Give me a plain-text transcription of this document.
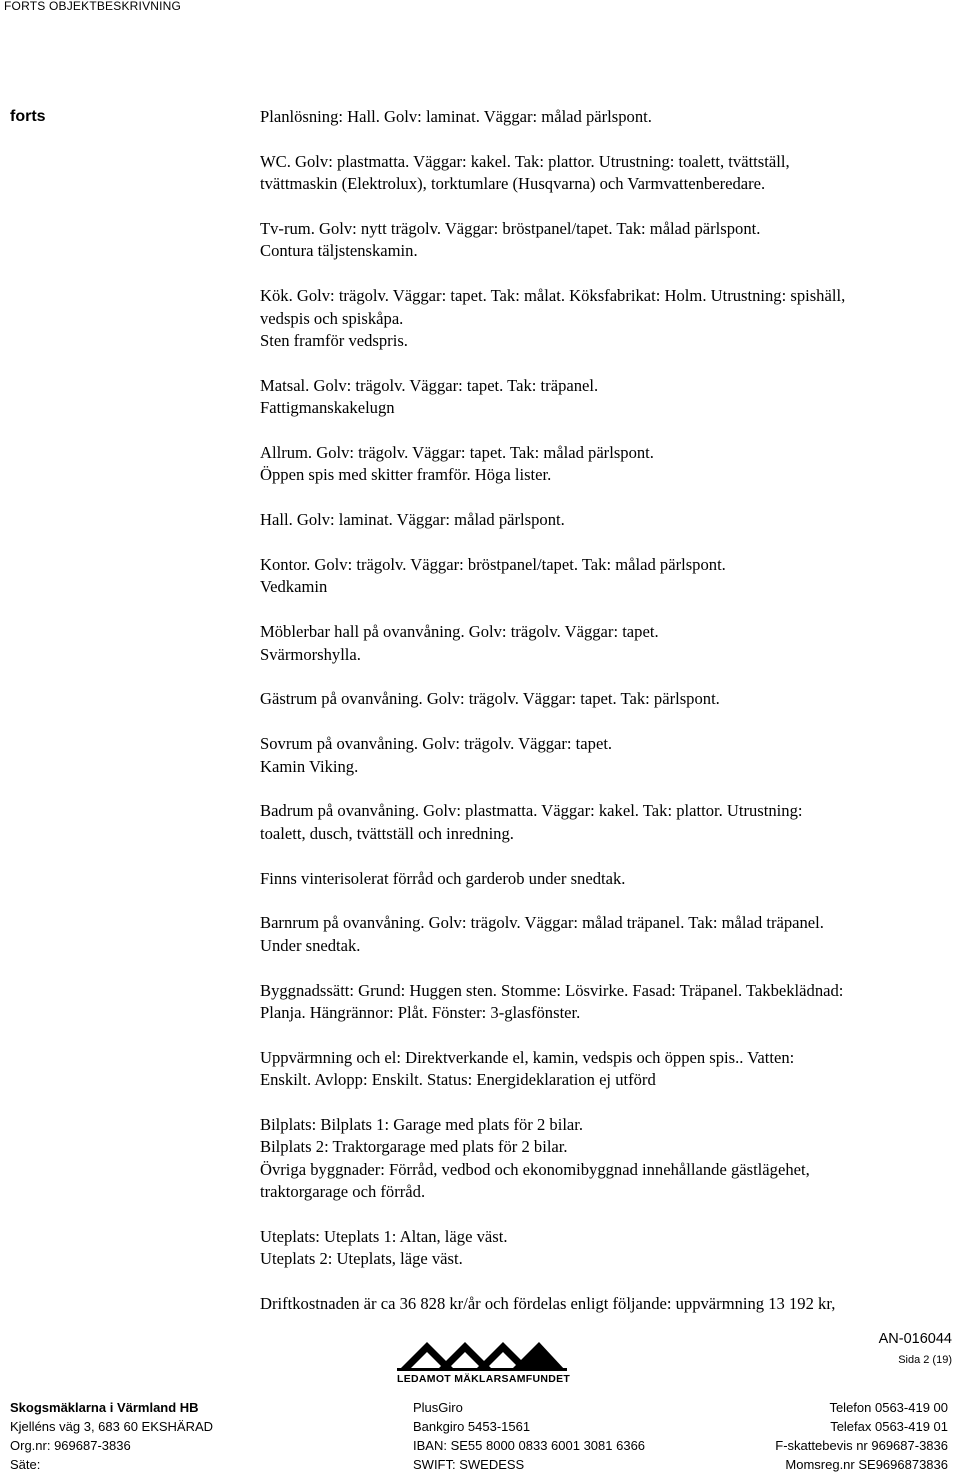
FORTS OBJEKTBESKRIVNING
forts	Planlösning: Hall. Golv: laminat. Väggar: målad pärlspont.
WC. Golv: plastmatta. Väggar: kakel. Tak: plattor. Utrustning: toalett, tvättställ,
tvättmaskin (Elektrolux), torktumlare (Husqvarna) och Varmvattenberedare.
Tv-rum. Golv: nytt trägolv. Väggar: bröstpanel/tapet. Tak: målad pärlspont.
Contura täljstenskamin.
Kök. Golv: trägolv. Väggar: tapet. Tak: målat. Köksfabrikat: Holm. Utrustning: spishäll,
vedspis och spiskåpa.
Sten framför vedspris.
Matsal. Golv: trägolv. Väggar: tapet. Tak: träpanel.
Fattigmanskakelugn
Allrum. Golv: trägolv. Väggar: tapet. Tak: målad pärlspont.
Öppen spis med skitter framför. Höga lister.
Hall. Golv: laminat. Väggar: målad pärlspont.
Kontor. Golv: trägolv. Väggar: bröstpanel/tapet. Tak: målad pärlspont.
Vedkamin
Möblerbar hall på ovanvåning. Golv: trägolv. Väggar: tapet.
Svärmorshylla.
Gästrum på ovanvåning. Golv: trägolv. Väggar: tapet. Tak: pärlspont.
Sovrum på ovanvåning. Golv: trägolv. Väggar: tapet.
Kamin Viking.
Badrum på ovanvåning. Golv: plastmatta. Väggar: kakel. Tak: plattor. Utrustning:
toalett, dusch, tvättställ och inredning.
Finns vinterisolerat förråd och garderob under snedtak.
Barnrum på ovanvåning. Golv: trägolv. Väggar: målad träpanel. Tak: målad träpanel.
Under snedtak.
Byggnadssätt: Grund: Huggen sten. Stomme: Lösvirke. Fasad: Träpanel. Takbeklädnad:
Planja. Hängrännor: Plåt. Fönster: 3-glasfönster.
Uppvärmning och el: Direktverkande el, kamin, vedspis och öppen spis.. Vatten:
Enskilt. Avlopp: Enskilt. Status: Energideklaration ej utförd
Bilplats: Bilplats 1: Garage med plats för 2 bilar.
Bilplats 2: Traktorgarage med plats för 2 bilar.
Övriga byggnader: Förråd, vedbod och ekonomibyggnad innehållande gästlägehet,
traktorgarage och förråd.
Uteplats: Uteplats 1: Altan, läge väst.
Uteplats 2: Uteplats, läge väst.
Driftkostnaden är ca 36 828 kr/år och fördelas enligt följande: uppvärmning 13 192 kr,
AN-016044
Sida 2 (19)
LEDAMOT MÄKLARSAMFUNDET
Skogsmäklarna i Värmland HB
Kjelléns väg 3, 683 60 EKSHÄRAD
Org.nr: 969687-3836
Säte:
PlusGiro
Bankgiro 5453-1561
IBAN: SE55 8000 0833 6001 3081 6366
SWIFT: SWEDESS
Telefon 0563-419 00
Telefax 0563-419 01
F-skattebevis nr 969687-3836
Momsreg.nr SE969687383​6
